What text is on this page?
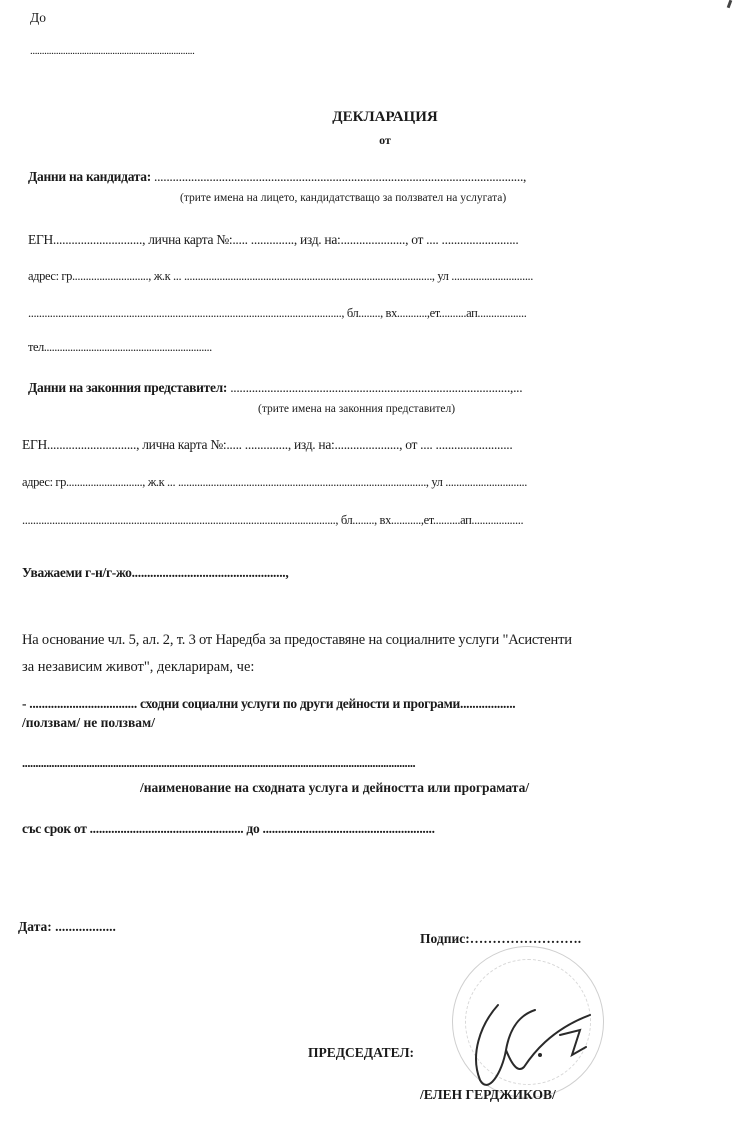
До
......................................................................
ДЕКЛАРАЦИЯ
от
Данни на кандидата: ........................................................................................................................,
(трите имена на лицето, кандидатстващо за ползвател на услугата)
ЕГН............................., лична карта №:..... .............., изд. на:....................., от .... .........................
адрес: гр............................, ж.к ... ..........................................................................................., ул ..............................
..................................................................................................................., бл........, вх...........,ет..........ап..................
тел................................................................
Данни на законния представител: ...........................................................................................,...
(трите имена на законния представител)
ЕГН............................., лична карта №:..... .............., изд. на:....................., от .... .........................
адрес: гр............................, ж.к ... ..........................................................................................., ул ..............................
..................................................................................................................., бл........, вх...........,ет..........ап...................
Уважаеми г-н/г-жо..................................................,
На основание чл. 5, ал. 2, т. 3 от Наредба за предоставяне на социалните услуги "Асистенти
за независим живот", декларирам, че:
- ................................... сходни социални услуги по други дейности и програми..................
/ползвам/ не ползвам/
...................................................................................................................................................
/наименование на сходната услуга и дейността или програмата/
със срок от .................................................. до ........................................................
Дата: ..................
Подпис:…………………….
ПРЕДСЕДАТЕЛ:
/ЕЛЕН ГЕРДЖИКОВ/
